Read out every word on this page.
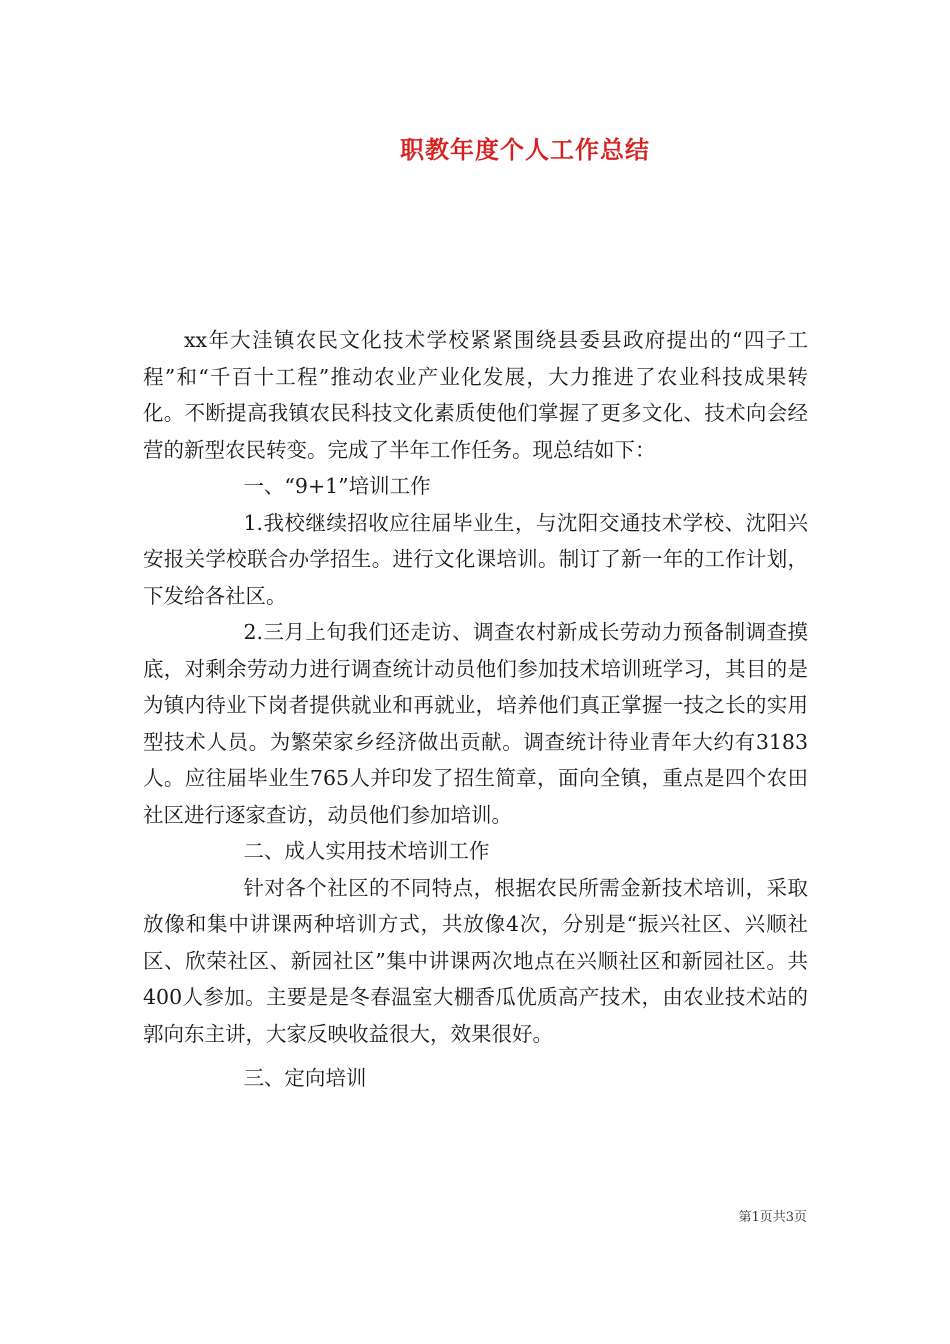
职教年度个人工作总结

xx年大洼镇农民文化技术学校紧紧围绕县委县政府提出的“四子工程”和“千百十工程”推动农业产业化发展，大力推进了农业科技成果转化。不断提高我镇农民科技文化素质使他们掌握了更多文化、技术向会经营的新型农民转变。完成了半年工作任务。现总结如下：

一、“9+1”培训工作

1.我校继续招收应往届毕业生，与沈阳交通技术学校、沈阳兴安报关学校联合办学招生。进行文化课培训。制订了新一年的工作计划，下发给各社区。

2.三月上旬我们还走访、调查农村新成长劳动力预备制调查摸底，对剩余劳动力进行调查统计动员他们参加技术培训班学习，其目的是为镇内待业下岗者提供就业和再就业，培养他们真正掌握一技之长的实用型技术人员。为繁荣家乡经济做出贡献。调查统计待业青年大约有3183人。应往届毕业生765人并印发了招生简章，面向全镇，重点是四个农田社区进行逐家查访，动员他们参加培训。

二、成人实用技术培训工作

针对各个社区的不同特点，根据农民所需金新技术培训，采取放像和集中讲课两种培训方式，共放像4次，分别是“振兴社区、兴顺社区、欣荣社区、新园社区”集中讲课两次地点在兴顺社区和新园社区。共400人参加。主要是是冬春温室大棚香瓜优质高产技术，由农业技术站的郭向东主讲，大家反映收益很大，效果很好。

三、定向培训

第1页共3页
